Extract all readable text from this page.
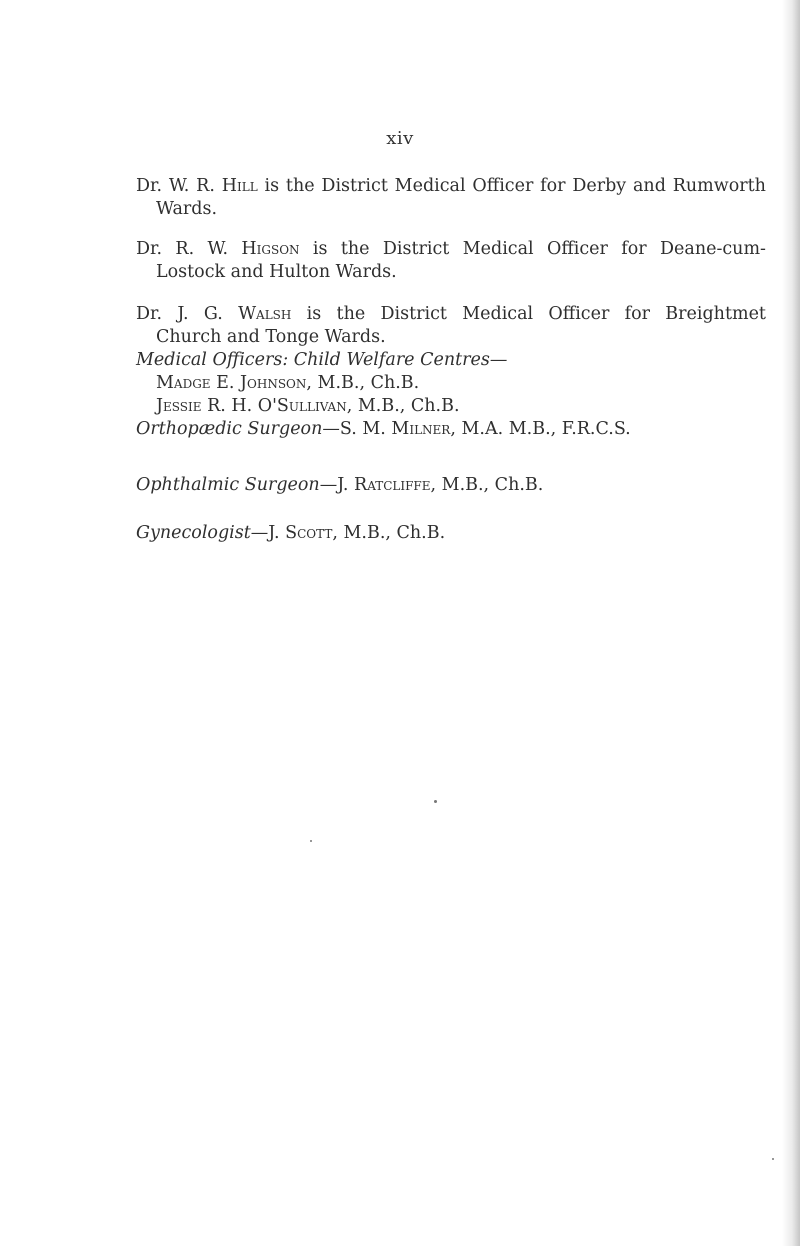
xiv
Dr. W. R. Hill is the District Medical Officer for Derby and Rumworth
Wards.
Dr. R. W. Higson is the District Medical Officer for Deane-cum-
Lostock and Hulton Wards.
Dr. J. G. Walsh is the District Medical Officer for Breightmet
Church and Tonge Wards.
Medical Officers: Child Welfare Centres—
Madge E. Johnson, M.B., Ch.B.
Jessie R. H. O'Sullivan, M.B., Ch.B.
Orthopædic Surgeon—S. M. Milner, M.A. M.B., F.R.C.S.
Ophthalmic Surgeon—J. Ratcliffe, M.B., Ch.B.
Gynecologist—J. Scott, M.B., Ch.B.
